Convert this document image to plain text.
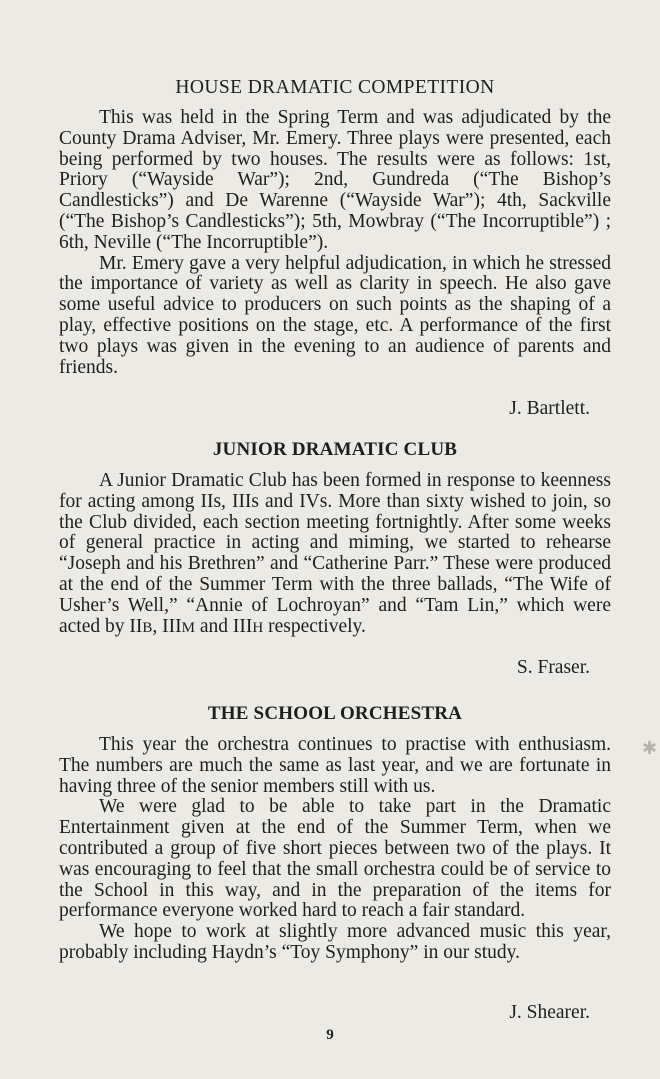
HOUSE DRAMATIC COMPETITION

This was held in the Spring Term and was adjudicated by the County Drama Adviser, Mr. Emery. Three plays were presented, each being performed by two houses. The results were as follows: 1st, Priory (“Wayside War”); 2nd, Gundreda (“The Bishop’s Candlesticks”) and De Warenne (“Wayside War”); 4th, Sackville (“The Bishop’s Candlesticks”); 5th, Mowbray (“The Incorruptible”) ; 6th, Neville (“The Incorruptible”).

Mr. Emery gave a very helpful adjudication, in which he stressed the importance of variety as well as clarity in speech. He also gave some useful advice to producers on such points as the shaping of a play, effective positions on the stage, etc. A performance of the first two plays was given in the evening to an audience of parents and friends.

J. Bartlett.

JUNIOR DRAMATIC CLUB

A Junior Dramatic Club has been formed in response to keenness for acting among IIs, IIIs and IVs. More than sixty wished to join, so the Club divided, each section meeting fortnightly. After some weeks of general practice in acting and miming, we started to rehearse “Joseph and his Brethren” and “Catherine Parr.” These were produced at the end of the Summer Term with the three ballads, “The Wife of Usher’s Well,” “Annie of Lochroyan” and “Tam Lin,” which were acted by IIB, IIIM and IIIH respectively.

S. Fraser.

THE SCHOOL ORCHESTRA

This year the orchestra continues to practise with enthusiasm. The numbers are much the same as last year, and we are fortunate in having three of the senior members still with us.

We were glad to be able to take part in the Dramatic Entertainment given at the end of the Summer Term, when we contributed a group of five short pieces between two of the plays. It was encouraging to feel that the small orchestra could be of service to the School in this way, and in the preparation of the items for performance everyone worked hard to reach a fair standard.

We hope to work at slightly more advanced music this year, probably including Haydn’s “Toy Symphony” in our study.

J. Shearer.

9
✱
